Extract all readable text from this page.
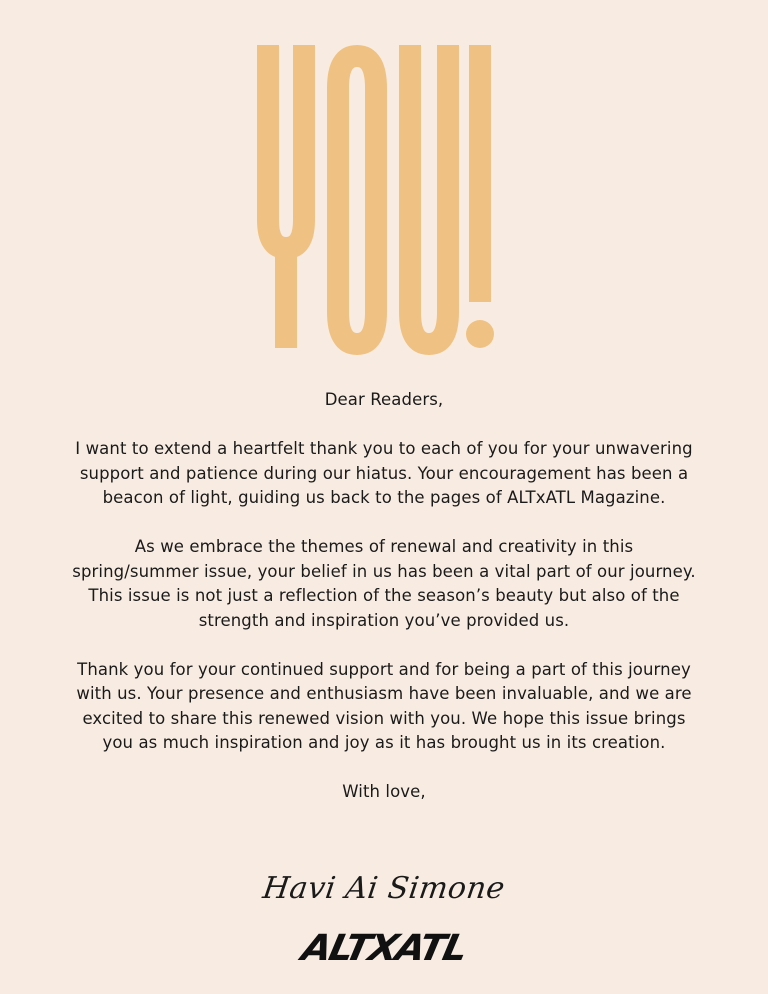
Dear Readers,

I want to extend a heartfelt thank you to each of you for your unwavering support and patience during our hiatus. Your encouragement has been a beacon of light, guiding us back to the pages of ALTxATL Magazine.

As we embrace the themes of renewal and creativity in this spring/summer issue, your belief in us has been a vital part of our journey. This issue is not just a reflection of the season’s beauty but also of the strength and inspiration you’ve provided us.

Thank you for your continued support and for being a part of this journey with us. Your presence and enthusiasm have been invaluable, and we are excited to share this renewed vision with you. We hope this issue brings you as much inspiration and joy as it has brought us in its creation.

With love,

Havi Ai Simone
ALTXATL
